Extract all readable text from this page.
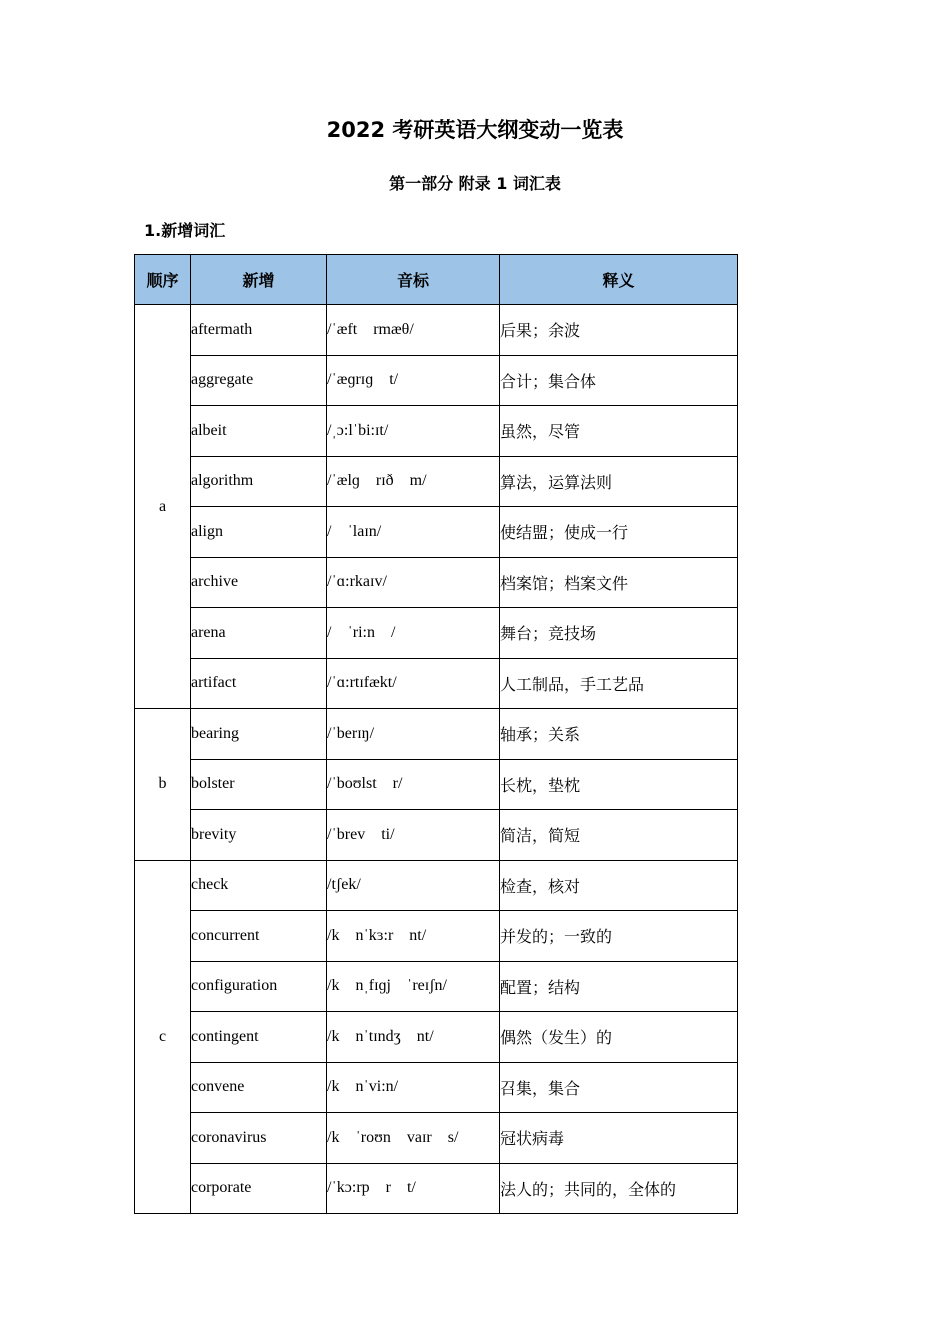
2022 考研英语大纲变动一览表
第一部分 附录 1 词汇表
1.新增词汇
顺序	新增	音标	释义
a	aftermath	/ˈæft    rmæθ/	后果；余波
	aggregate	/ˈæɡrɪɡ    t/	合计；集合体
	albeit	/ˌɔ:lˈbi:ɪt/	虽然，尽管
	algorithm	/ˈælɡ    rɪð    m/	算法，运算法则
	align	/    ˈlaɪn/	使结盟；使成一行
	archive	/ˈɑ:rkaɪv/	档案馆；档案文件
	arena	/    ˈri:n    /	舞台；竞技场
	artifact	/ˈɑ:rtɪfækt/	人工制品，手工艺品
b	bearing	/ˈberɪŋ/	轴承；关系
	bolster	/ˈboʊlst    r/	长枕，垫枕
	brevity	/ˈbrev    ti/	简洁，简短
c	check	/tʃek/	检查，核对
	concurrent	/k    nˈkɜ:r    nt/	并发的；一致的
	configuration	/k    nˌfɪɡj    ˈreɪʃn/	配置；结构
	contingent	/k    nˈtɪndʒ    nt/	偶然（发生）的
	convene	/k    nˈvi:n/	召集，集合
	coronavirus	/k    ˈroʊn    vaɪr    s/	冠状病毒
	corporate	/ˈkɔ:rp    r    t/	法人的；共同的，全体的
